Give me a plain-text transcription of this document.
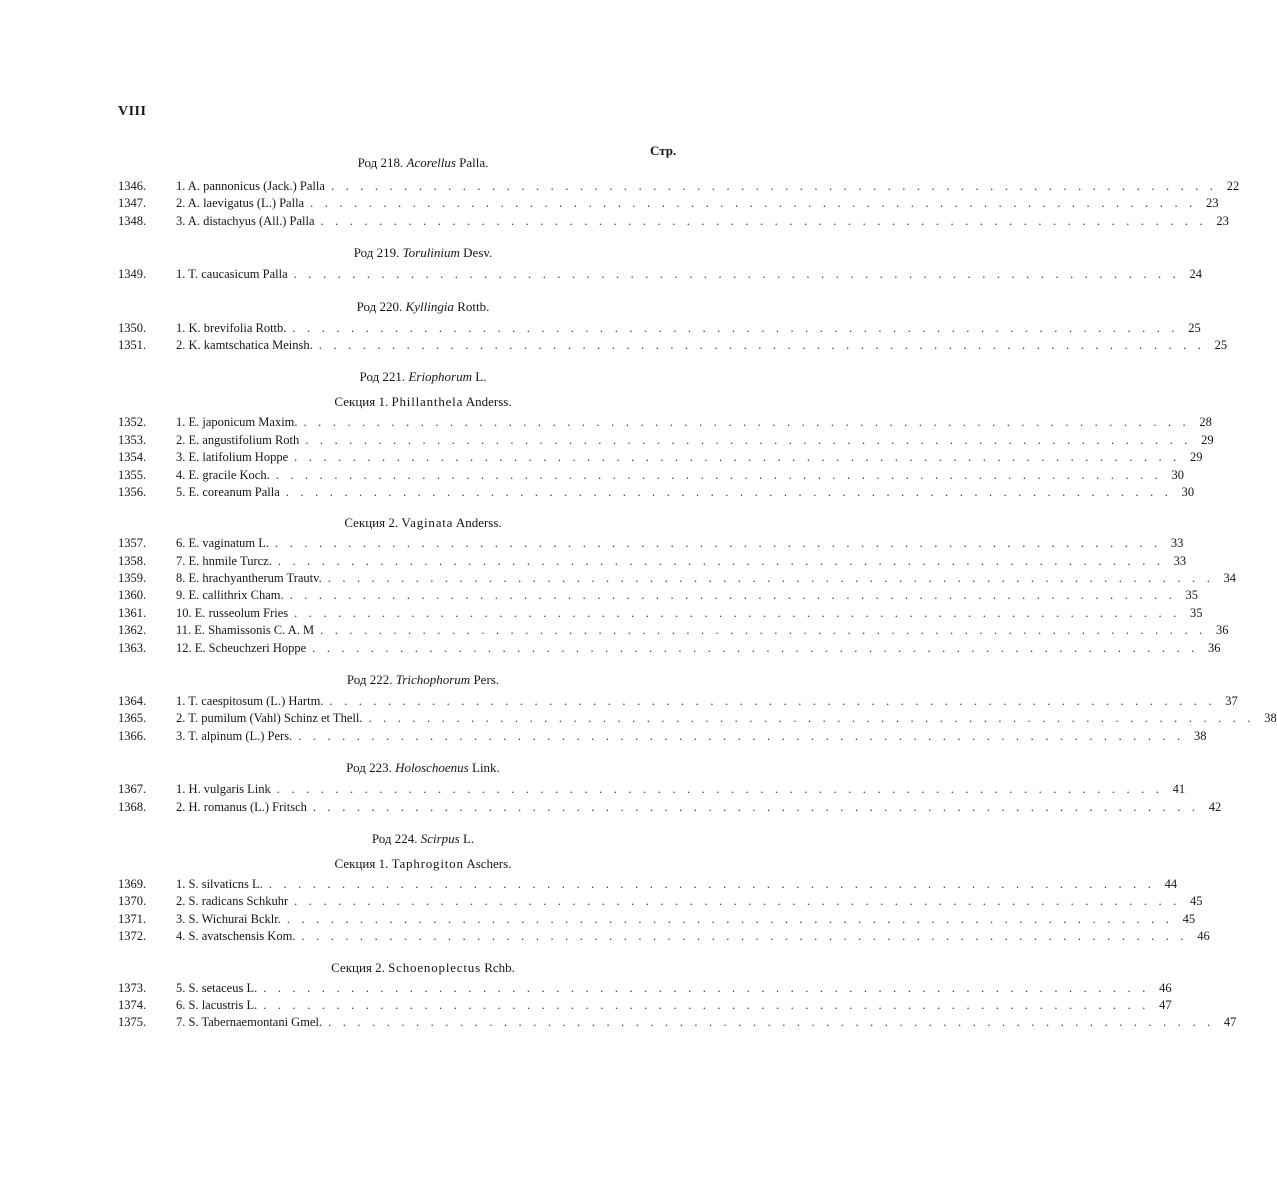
VIII
Стр.
Род 218. Acorellus Palla.
1346.	1. A. pannonicus (Jack.) Palla . . . . . . . . . . . . . . . . . . . . . . . . . . . . . . . . . . . . . . . . . . . . . . . . . . . . . . . . . . . . . 22
1347.	2. A. laevigatus (L.) Palla . . . . . . . . . . . . . . . . . . . . . . . . . . . . . . . . . . . . . . . . . . . . . . . . . . . . . . . . . . . . . 23
1348.	3. A. distachyus (All.) Palla . . . . . . . . . . . . . . . . . . . . . . . . . . . . . . . . . . . . . . . . . . . . . . . . . . . . . . . . . . . . . 23
Род 219. Torulinium Desv.
1349.	1. T. caucasicum Palla . . . . . . . . . . . . . . . . . . . . . . . . . . . . . . . . . . . . . . . . . . . . . . . . . . . . . . . . . . . . . 24
Род 220. Kyllingia Rottb.
1350.	1. K. brevifolia Rottb. . . . . . . . . . . . . . . . . . . . . . . . . . . . . . . . . . . . . . . . . . . . . . . . . . . . . . . . . . . . . . 25
1351.	2. K. kamtschatica Meinsh. . . . . . . . . . . . . . . . . . . . . . . . . . . . . . . . . . . . . . . . . . . . . . . . . . . . . . . . . . . . . . 25
Род 221. Eriophorum L.
Секция 1. Phillanthela Anderss.
1352.	1. E. japonicum Maxim. . . . . . . . . . . . . . . . . . . . . . . . . . . . . . . . . . . . . . . . . . . . . . . . . . . . . . . . . . . . . . 28
1353.	2. E. angustifolium Roth . . . . . . . . . . . . . . . . . . . . . . . . . . . . . . . . . . . . . . . . . . . . . . . . . . . . . . . . . . . . . 29
1354.	3. E. latifolium Hoppe . . . . . . . . . . . . . . . . . . . . . . . . . . . . . . . . . . . . . . . . . . . . . . . . . . . . . . . . . . . . . 29
1355.	4. E. gracile Koch. . . . . . . . . . . . . . . . . . . . . . . . . . . . . . . . . . . . . . . . . . . . . . . . . . . . . . . . . . . . . . 30
1356.	5. E. coreanum Palla . . . . . . . . . . . . . . . . . . . . . . . . . . . . . . . . . . . . . . . . . . . . . . . . . . . . . . . . . . . . . 30
Секция 2. Vaginata Anderss.
1357.	6. E. vaginatum L. . . . . . . . . . . . . . . . . . . . . . . . . . . . . . . . . . . . . . . . . . . . . . . . . . . . . . . . . . . . . . 33
1358.	7. E. hnmile Turcz. . . . . . . . . . . . . . . . . . . . . . . . . . . . . . . . . . . . . . . . . . . . . . . . . . . . . . . . . . . . . . 33
1359.	8. E. hrachyantherum Trautv. . . . . . . . . . . . . . . . . . . . . . . . . . . . . . . . . . . . . . . . . . . . . . . . . . . . . . . . . . . . . . 34
1360.	9. E. callithrix Cham. . . . . . . . . . . . . . . . . . . . . . . . . . . . . . . . . . . . . . . . . . . . . . . . . . . . . . . . . . . . . . 35
1361.	10. E. russeolum Fries . . . . . . . . . . . . . . . . . . . . . . . . . . . . . . . . . . . . . . . . . . . . . . . . . . . . . . . . . . . . . 35
1362.	11. E. Shamissonis C. A. M . . . . . . . . . . . . . . . . . . . . . . . . . . . . . . . . . . . . . . . . . . . . . . . . . . . . . . . . . . . . . 36
1363.	12. E. Scheuchzeri Hoppe . . . . . . . . . . . . . . . . . . . . . . . . . . . . . . . . . . . . . . . . . . . . . . . . . . . . . . . . . . . . . 36
Род 222. Trichophorum Pers.
1364.	1. T. caespitosum (L.) Hartm. . . . . . . . . . . . . . . . . . . . . . . . . . . . . . . . . . . . . . . . . . . . . . . . . . . . . . . . . . . . . . 37
1365.	2. T. pumilum (Vahl) Schinz et Thell. . . . . . . . . . . . . . . . . . . . . . . . . . . . . . . . . . . . . . . . . . . . . . . . . . . . . . . . . . . . . . 38
1366.	3. T. alpinum (L.) Pers. . . . . . . . . . . . . . . . . . . . . . . . . . . . . . . . . . . . . . . . . . . . . . . . . . . . . . . . . . . . . . 38
Род 223. Holoschoenus Link.
1367.	1. H. vulgaris Link . . . . . . . . . . . . . . . . . . . . . . . . . . . . . . . . . . . . . . . . . . . . . . . . . . . . . . . . . . . . . 41
1368.	2. H. romanus (L.) Fritsch . . . . . . . . . . . . . . . . . . . . . . . . . . . . . . . . . . . . . . . . . . . . . . . . . . . . . . . . . . . . . 42
Род 224. Scirpus L.
Секция 1. Taphrogiton Aschers.
1369.	1. S. silvaticns L. . . . . . . . . . . . . . . . . . . . . . . . . . . . . . . . . . . . . . . . . . . . . . . . . . . . . . . . . . . . . . 44
1370.	2. S. radicans Schkuhr . . . . . . . . . . . . . . . . . . . . . . . . . . . . . . . . . . . . . . . . . . . . . . . . . . . . . . . . . . . . . 45
1371.	3. S. Wichurai Bcklr. . . . . . . . . . . . . . . . . . . . . . . . . . . . . . . . . . . . . . . . . . . . . . . . . . . . . . . . . . . . . . 45
1372.	4. S. avatschensis Kom. . . . . . . . . . . . . . . . . . . . . . . . . . . . . . . . . . . . . . . . . . . . . . . . . . . . . . . . . . . . . . 46
Секция 2. Schoenoplectus Rchb.
1373.	5. S. setaceus L. . . . . . . . . . . . . . . . . . . . . . . . . . . . . . . . . . . . . . . . . . . . . . . . . . . . . . . . . . . . . . 46
1374.	6. S. lacustris L. . . . . . . . . . . . . . . . . . . . . . . . . . . . . . . . . . . . . . . . . . . . . . . . . . . . . . . . . . . . . . 47
1375.	7. S. Tabernaemontani Gmel. . . . . . . . . . . . . . . . . . . . . . . . . . . . . . . . . . . . . . . . . . . . . . . . . . . . . . . . . . . . . . 47
